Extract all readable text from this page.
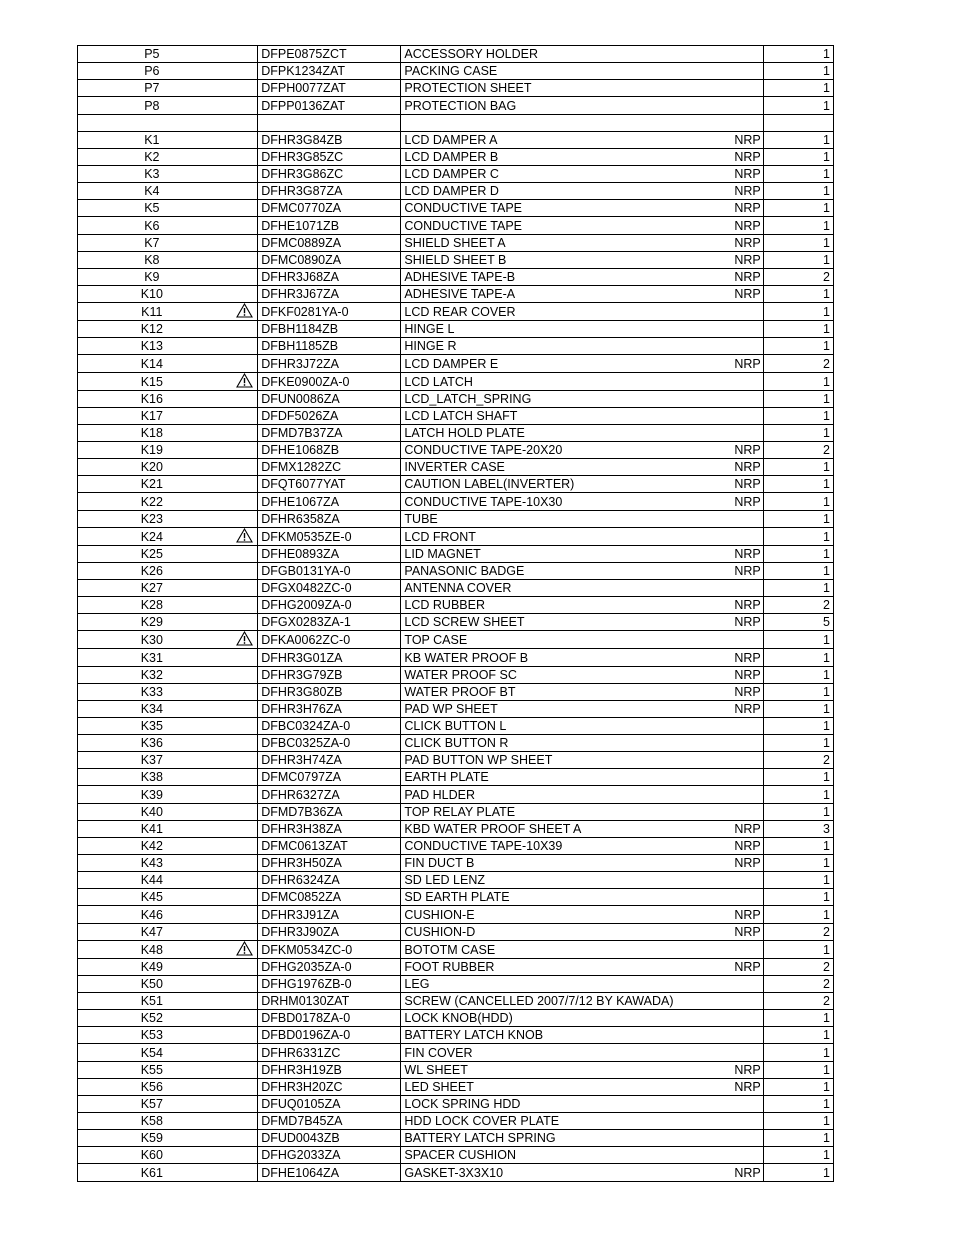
P5		DFPE0875ZCT	ACCESSORY HOLDER		1
P6		DFPK1234ZAT	PACKING CASE		1
P7		DFPH0077ZAT	PROTECTION SHEET		1
P8		DFPP0136ZAT	PROTECTION BAG		1

K1		DFHR3G84ZB	LCD DAMPER A	NRP	1
K2		DFHR3G85ZC	LCD DAMPER B	NRP	1
K3		DFHR3G86ZC	LCD DAMPER C	NRP	1
K4		DFHR3G87ZA	LCD DAMPER D	NRP	1
K5		DFMC0770ZA	CONDUCTIVE TAPE	NRP	1
K6		DFHE1071ZB	CONDUCTIVE TAPE	NRP	1
K7		DFMC0889ZA	SHIELD SHEET A	NRP	1
K8		DFMC0890ZA	SHIELD SHEET B	NRP	1
K9		DFHR3J68ZA	ADHESIVE TAPE-B	NRP	2
K10		DFHR3J67ZA	ADHESIVE TAPE-A	NRP	1
K11		DFKF0281YA-0	LCD REAR COVER		1
K12		DFBH1184ZB	HINGE L		1
K13		DFBH1185ZB	HINGE R		1
K14		DFHR3J72ZA	LCD DAMPER E	NRP	2
K15		DFKE0900ZA-0	LCD LATCH		1
K16		DFUN0086ZA	LCD_LATCH_SPRING		1
K17		DFDF5026ZA	LCD LATCH SHAFT		1
K18		DFMD7B37ZA	LATCH HOLD PLATE		1
K19		DFHE1068ZB	CONDUCTIVE TAPE-20X20	NRP	2
K20		DFMX1282ZC	INVERTER CASE	NRP	1
K21		DFQT6077YAT	CAUTION LABEL(INVERTER)	NRP	1
K22		DFHE1067ZA	CONDUCTIVE TAPE-10X30	NRP	1
K23		DFHR6358ZA	TUBE		1
K24		DFKM0535ZE-0	LCD FRONT		1
K25		DFHE0893ZA	LID MAGNET	NRP	1
K26		DFGB0131YA-0	PANASONIC BADGE	NRP	1
K27		DFGX0482ZC-0	ANTENNA COVER		1
K28		DFHG2009ZA-0	LCD RUBBER	NRP	2
K29		DFGX0283ZA-1	LCD SCREW SHEET	NRP	5
K30		DFKA0062ZC-0	TOP CASE		1
K31		DFHR3G01ZA	KB WATER PROOF B	NRP	1
K32		DFHR3G79ZB	WATER PROOF SC	NRP	1
K33		DFHR3G80ZB	WATER PROOF BT	NRP	1
K34		DFHR3H76ZA	PAD WP SHEET	NRP	1
K35		DFBC0324ZA-0	CLICK BUTTON L		1
K36		DFBC0325ZA-0	CLICK BUTTON R		1
K37		DFHR3H74ZA	PAD BUTTON WP SHEET		2
K38		DFMC0797ZA	EARTH PLATE		1
K39		DFHR6327ZA	PAD HLDER		1
K40		DFMD7B36ZA	TOP RELAY PLATE		1
K41		DFHR3H38ZA	KBD WATER PROOF SHEET A	NRP	3
K42		DFMC0613ZAT	CONDUCTIVE TAPE-10X39	NRP	1
K43		DFHR3H50ZA	FIN DUCT B	NRP	1
K44		DFHR6324ZA	SD LED LENZ		1
K45		DFMC0852ZA	SD EARTH PLATE		1
K46		DFHR3J91ZA	CUSHION-E	NRP	1
K47		DFHR3J90ZA	CUSHION-D	NRP	2
K48		DFKM0534ZC-0	BOTOTM CASE		1
K49		DFHG2035ZA-0	FOOT RUBBER	NRP	2
K50		DFHG1976ZB-0	LEG		2
K51		DRHM0130ZAT	SCREW (CANCELLED 2007/7/12 BY KAWADA)		2
K52		DFBD0178ZA-0	LOCK KNOB(HDD)		1
K53		DFBD0196ZA-0	BATTERY LATCH KNOB		1
K54		DFHR6331ZC	FIN COVER		1
K55		DFHR3H19ZB	WL SHEET	NRP	1
K56		DFHR3H20ZC	LED SHEET	NRP	1
K57		DFUQ0105ZA	LOCK SPRING HDD		1
K58		DFMD7B45ZA	HDD LOCK COVER PLATE		1
K59		DFUD0043ZB	BATTERY LATCH SPRING		1
K60		DFHG2033ZA	SPACER CUSHION		1
K61		DFHE1064ZA	GASKET-3X3X10	NRP	1
